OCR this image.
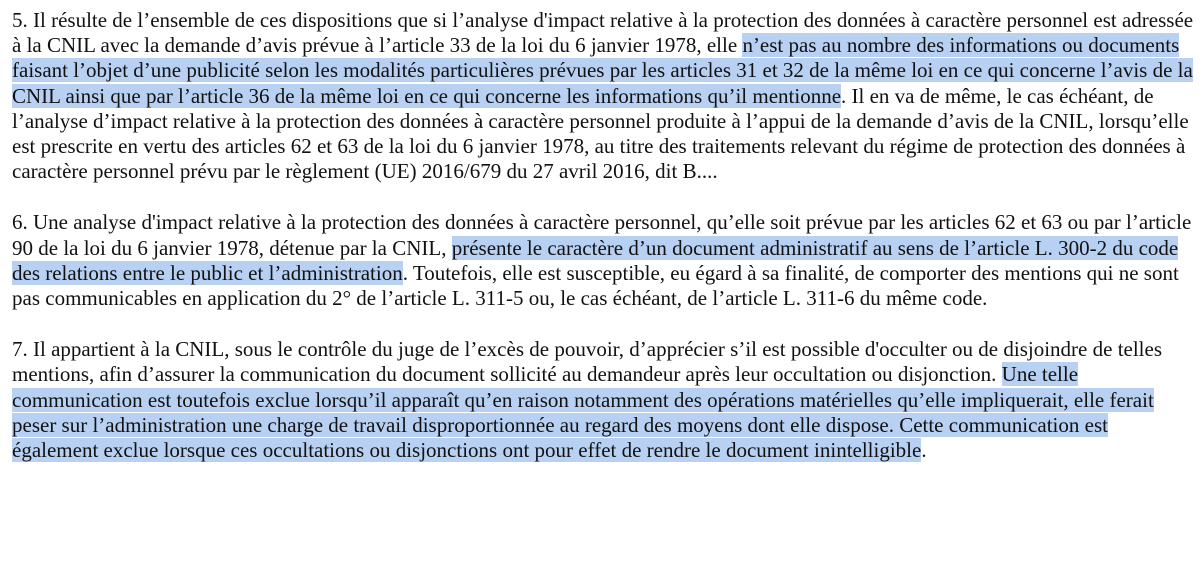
5. Il résulte de l’ensemble de ces dispositions que si l’analyse d'impact relative à la protection des données à caractère personnel est adressée à la CNIL avec la demande d’avis prévue à l’article 33 de la loi du 6 janvier 1978, elle n’est pas au nombre des informations ou documents faisant l’objet d’une publicité selon les modalités particulières prévues par les articles 31 et 32 de la même loi en ce qui concerne l’avis de la CNIL ainsi que par l’article 36 de la même loi en ce qui concerne les informations qu’il mentionne. Il en va de même, le cas échéant, de l’analyse d’impact relative à la protection des données à caractère personnel produite à l’appui de la demande d’avis de la CNIL, lorsqu’elle est prescrite en vertu des articles 62 et 63 de la loi du 6 janvier 1978, au titre des traitements relevant du régime de protection des données à caractère personnel prévu par le règlement (UE) 2016/679 du 27 avril 2016, dit B....

6. Une analyse d'impact relative à la protection des données à caractère personnel, qu’elle soit prévue par les articles 62 et 63 ou par l’article 90 de la loi du 6 janvier 1978, détenue par la CNIL, présente le caractère d’un document administratif au sens de l’article L. 300-2 du code des relations entre le public et l’administration. Toutefois, elle est susceptible, eu égard à sa finalité, de comporter des mentions qui ne sont pas communicables en application du 2° de l’article L. 311-5 ou, le cas échéant, de l’article L. 311-6 du même code.

7. Il appartient à la CNIL, sous le contrôle du juge de l’excès de pouvoir, d’apprécier s’il est possible d'occulter ou de disjoindre de telles mentions, afin d’assurer la communication du document sollicité au demandeur après leur occultation ou disjonction. Une telle communication est toutefois exclue lorsqu’il apparaît qu’en raison notamment des opérations matérielles qu’elle impliquerait, elle ferait peser sur l’administration une charge de travail disproportionnée au regard des moyens dont elle dispose. Cette communication est également exclue lorsque ces occultations ou disjonctions ont pour effet de rendre le document inintelligible.
